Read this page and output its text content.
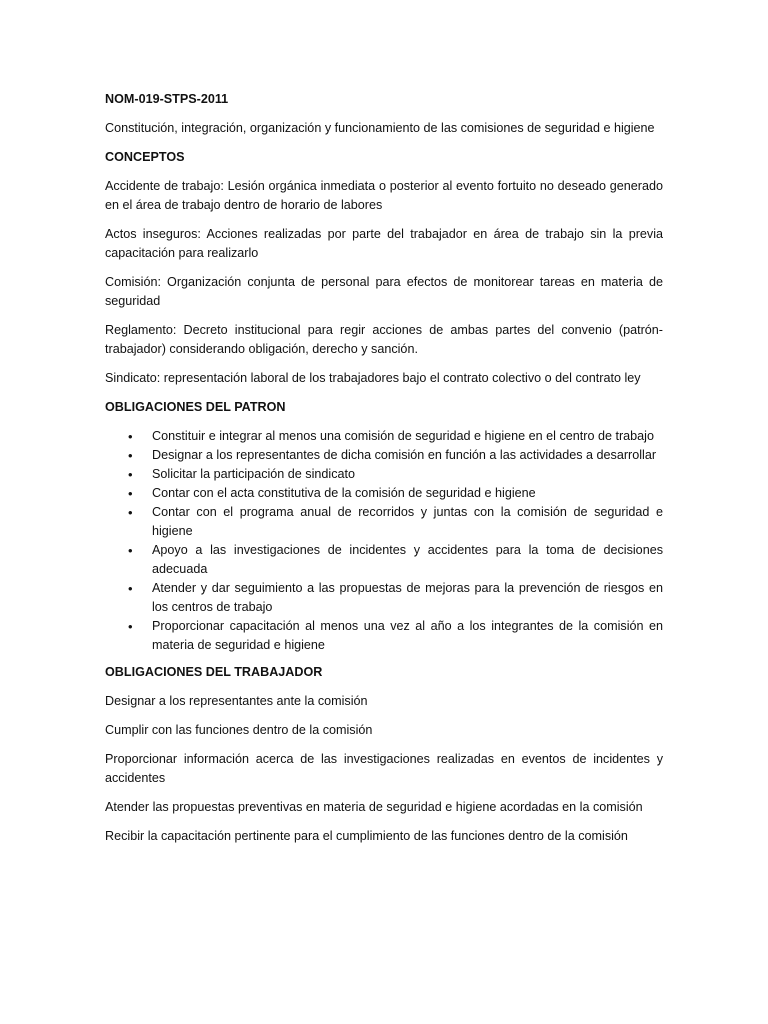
NOM-019-STPS-2011

Constitución, integración, organización y funcionamiento de las comisiones de seguridad e higiene

CONCEPTOS

Accidente de trabajo: Lesión orgánica inmediata o posterior al evento fortuito no deseado generado en el área de trabajo dentro de horario de labores

Actos inseguros: Acciones realizadas por parte del trabajador en área de trabajo sin la previa capacitación para realizarlo

Comisión: Organización conjunta de personal para efectos de monitorear tareas en materia de seguridad

Reglamento: Decreto institucional para regir acciones de ambas partes del convenio (patrón-trabajador) considerando obligación, derecho y sanción.

Sindicato: representación laboral de los trabajadores bajo el contrato colectivo o del contrato ley

OBLIGACIONES DEL PATRON

• Constituir e integrar al menos una comisión de seguridad e higiene en el centro de trabajo
• Designar a los representantes de dicha comisión en función a las actividades a desarrollar
• Solicitar la participación de sindicato
• Contar con el acta constitutiva de la comisión de seguridad e higiene
• Contar con el programa anual de recorridos y juntas con la comisión de seguridad e higiene
• Apoyo a las investigaciones de incidentes y accidentes para la toma de decisiones adecuada
• Atender y dar seguimiento a las propuestas de mejoras para la prevención de riesgos en los centros de trabajo
• Proporcionar capacitación al menos una vez al año a los integrantes de la comisión en materia de seguridad e higiene

OBLIGACIONES DEL TRABAJADOR

Designar a los representantes ante la comisión

Cumplir con las funciones dentro de la comisión

Proporcionar información acerca de las investigaciones realizadas en eventos de incidentes y accidentes

Atender las propuestas preventivas en materia de seguridad e higiene acordadas en la comisión

Recibir la capacitación pertinente para el cumplimiento de las funciones dentro de la comisión
